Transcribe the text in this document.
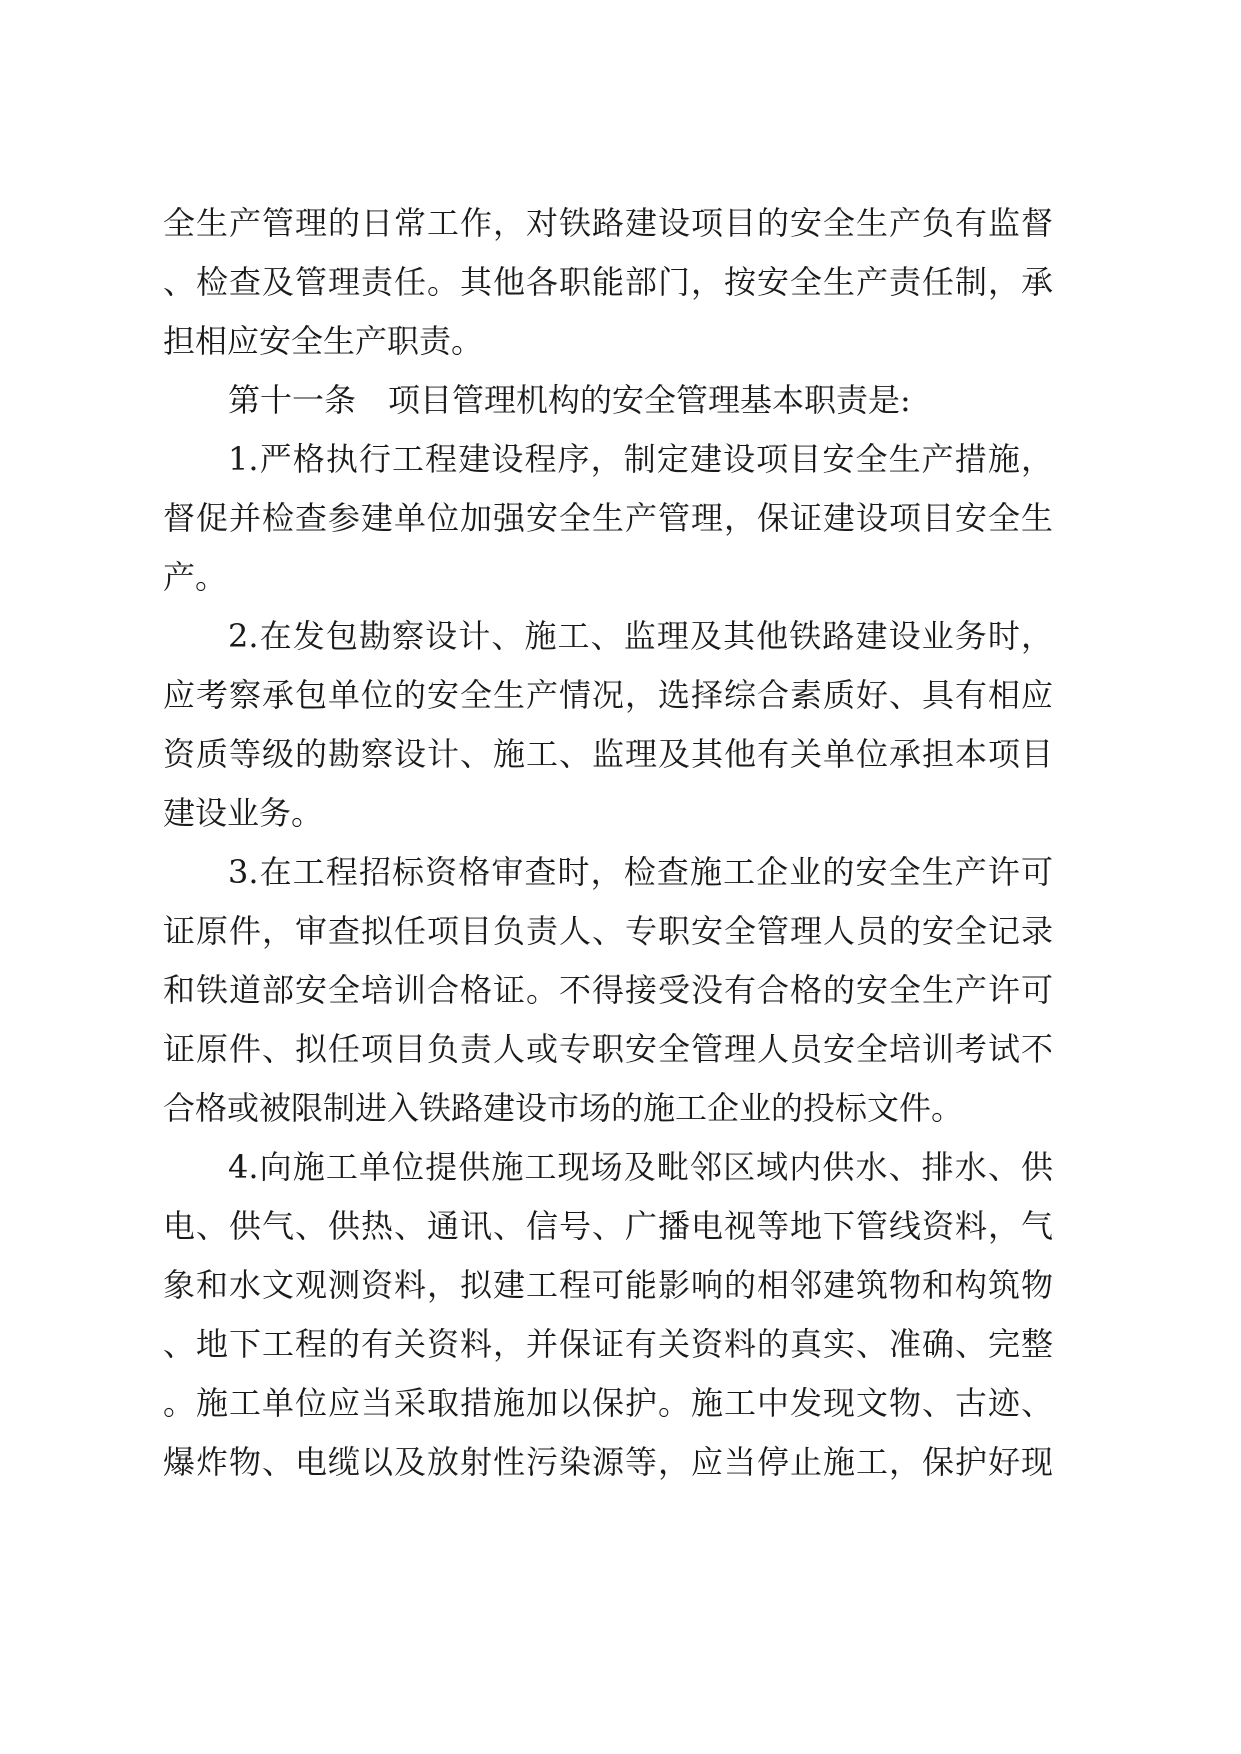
全生产管理的日常工作，对铁路建设项目的安全生产负有监督
、检查及管理责任。其他各职能部门，按安全生产责任制，承
担相应安全生产职责。
第十一条　项目管理机构的安全管理基本职责是:
1.严格执行工程建设程序，制定建设项目安全生产措施，
督促并检查参建单位加强安全生产管理，保证建设项目安全生
产。
2.在发包勘察设计、施工、监理及其他铁路建设业务时，
应考察承包单位的安全生产情况，选择综合素质好、具有相应
资质等级的勘察设计、施工、监理及其他有关单位承担本项目
建设业务。
3.在工程招标资格审查时，检查施工企业的安全生产许可
证原件，审查拟任项目负责人、专职安全管理人员的安全记录
和铁道部安全培训合格证。不得接受没有合格的安全生产许可
证原件、拟任项目负责人或专职安全管理人员安全培训考试不
合格或被限制进入铁路建设市场的施工企业的投标文件。
4.向施工单位提供施工现场及毗邻区域内供水、排水、供
电、供气、供热、通讯、信号、广播电视等地下管线资料，气
象和水文观测资料，拟建工程可能影响的相邻建筑物和构筑物
、地下工程的有关资料，并保证有关资料的真实、准确、完整
。施工单位应当采取措施加以保护。施工中发现文物、古迹、
爆炸物、电缆以及放射性污染源等，应当停止施工，保护好现
